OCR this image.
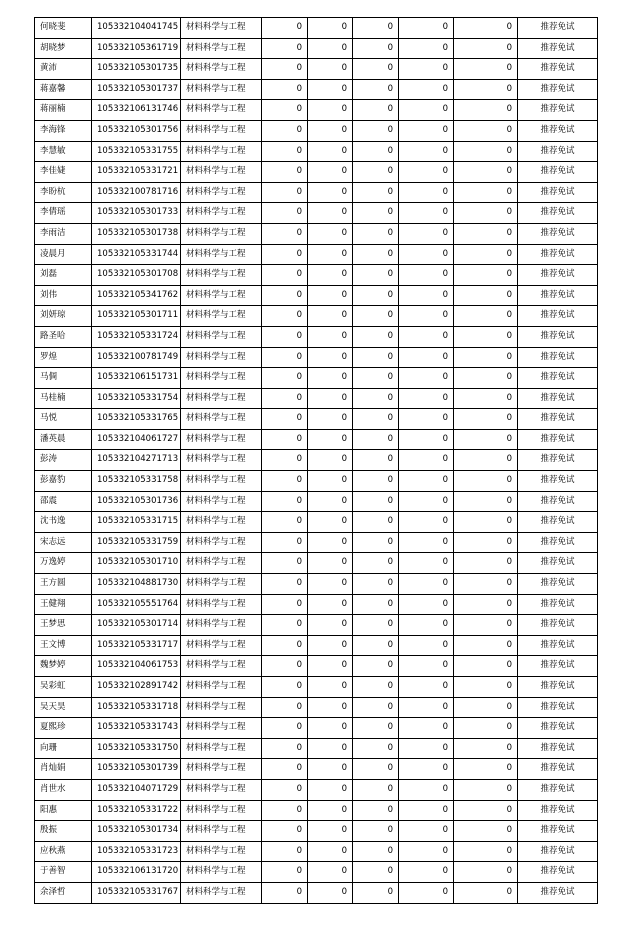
何晓斐	105332104041745	材料科学与工程	0	0	0	0	0	推荐免试
胡晓梦	105332105361719	材料科学与工程	0	0	0	0	0	推荐免试
黄沛	105332105301735	材料科学与工程	0	0	0	0	0	推荐免试
蒋嘉馨	105332105301737	材料科学与工程	0	0	0	0	0	推荐免试
蒋丽楠	105332106131746	材料科学与工程	0	0	0	0	0	推荐免试
李海锋	105332105301756	材料科学与工程	0	0	0	0	0	推荐免试
李慧敏	105332105331755	材料科学与工程	0	0	0	0	0	推荐免试
李佳婕	105332105331721	材料科学与工程	0	0	0	0	0	推荐免试
李盼杭	105332100781716	材料科学与工程	0	0	0	0	0	推荐免试
李倩瑶	105332105301733	材料科学与工程	0	0	0	0	0	推荐免试
李雨洁	105332105301738	材料科学与工程	0	0	0	0	0	推荐免试
凌晨月	105332105331744	材料科学与工程	0	0	0	0	0	推荐免试
刘磊	105332105301708	材料科学与工程	0	0	0	0	0	推荐免试
刘伟	105332105341762	材料科学与工程	0	0	0	0	0	推荐免试
刘妍琼	105332105301711	材料科学与工程	0	0	0	0	0	推荐免试
路圣哈	105332105331724	材料科学与工程	0	0	0	0	0	推荐免试
罗煌	105332100781749	材料科学与工程	0	0	0	0	0	推荐免试
马倜	105332106151731	材料科学与工程	0	0	0	0	0	推荐免试
马桂楠	105332105331754	材料科学与工程	0	0	0	0	0	推荐免试
马悦	105332105331765	材料科学与工程	0	0	0	0	0	推荐免试
潘英晨	105332104061727	材料科学与工程	0	0	0	0	0	推荐免试
彭涛	105332104271713	材料科学与工程	0	0	0	0	0	推荐免试
彭嘉豹	105332105331758	材料科学与工程	0	0	0	0	0	推荐免试
邵震	105332105301736	材料科学与工程	0	0	0	0	0	推荐免试
沈书逸	105332105331715	材料科学与工程	0	0	0	0	0	推荐免试
宋志远	105332105331759	材料科学与工程	0	0	0	0	0	推荐免试
万逸婷	105332105301710	材料科学与工程	0	0	0	0	0	推荐免试
王方圆	105332104881730	材料科学与工程	0	0	0	0	0	推荐免试
王健翔	105332105551764	材料科学与工程	0	0	0	0	0	推荐免试
王梦思	105332105301714	材料科学与工程	0	0	0	0	0	推荐免试
王文博	105332105331717	材料科学与工程	0	0	0	0	0	推荐免试
魏梦婷	105332104061753	材料科学与工程	0	0	0	0	0	推荐免试
吴彩虹	105332102891742	材料科学与工程	0	0	0	0	0	推荐免试
吴天昊	105332105331718	材料科学与工程	0	0	0	0	0	推荐免试
夏熙珍	105332105331743	材料科学与工程	0	0	0	0	0	推荐免试
向珊	105332105331750	材料科学与工程	0	0	0	0	0	推荐免试
肖灿娟	105332105301739	材料科学与工程	0	0	0	0	0	推荐免试
肖世水	105332104071729	材料科学与工程	0	0	0	0	0	推荐免试
阳惠	105332105331722	材料科学与工程	0	0	0	0	0	推荐免试
殷振	105332105301734	材料科学与工程	0	0	0	0	0	推荐免试
应秋燕	105332105331723	材料科学与工程	0	0	0	0	0	推荐免试
于善智	105332106131720	材料科学与工程	0	0	0	0	0	推荐免试
余泽哲	105332105331767	材料科学与工程	0	0	0	0	0	推荐免试
